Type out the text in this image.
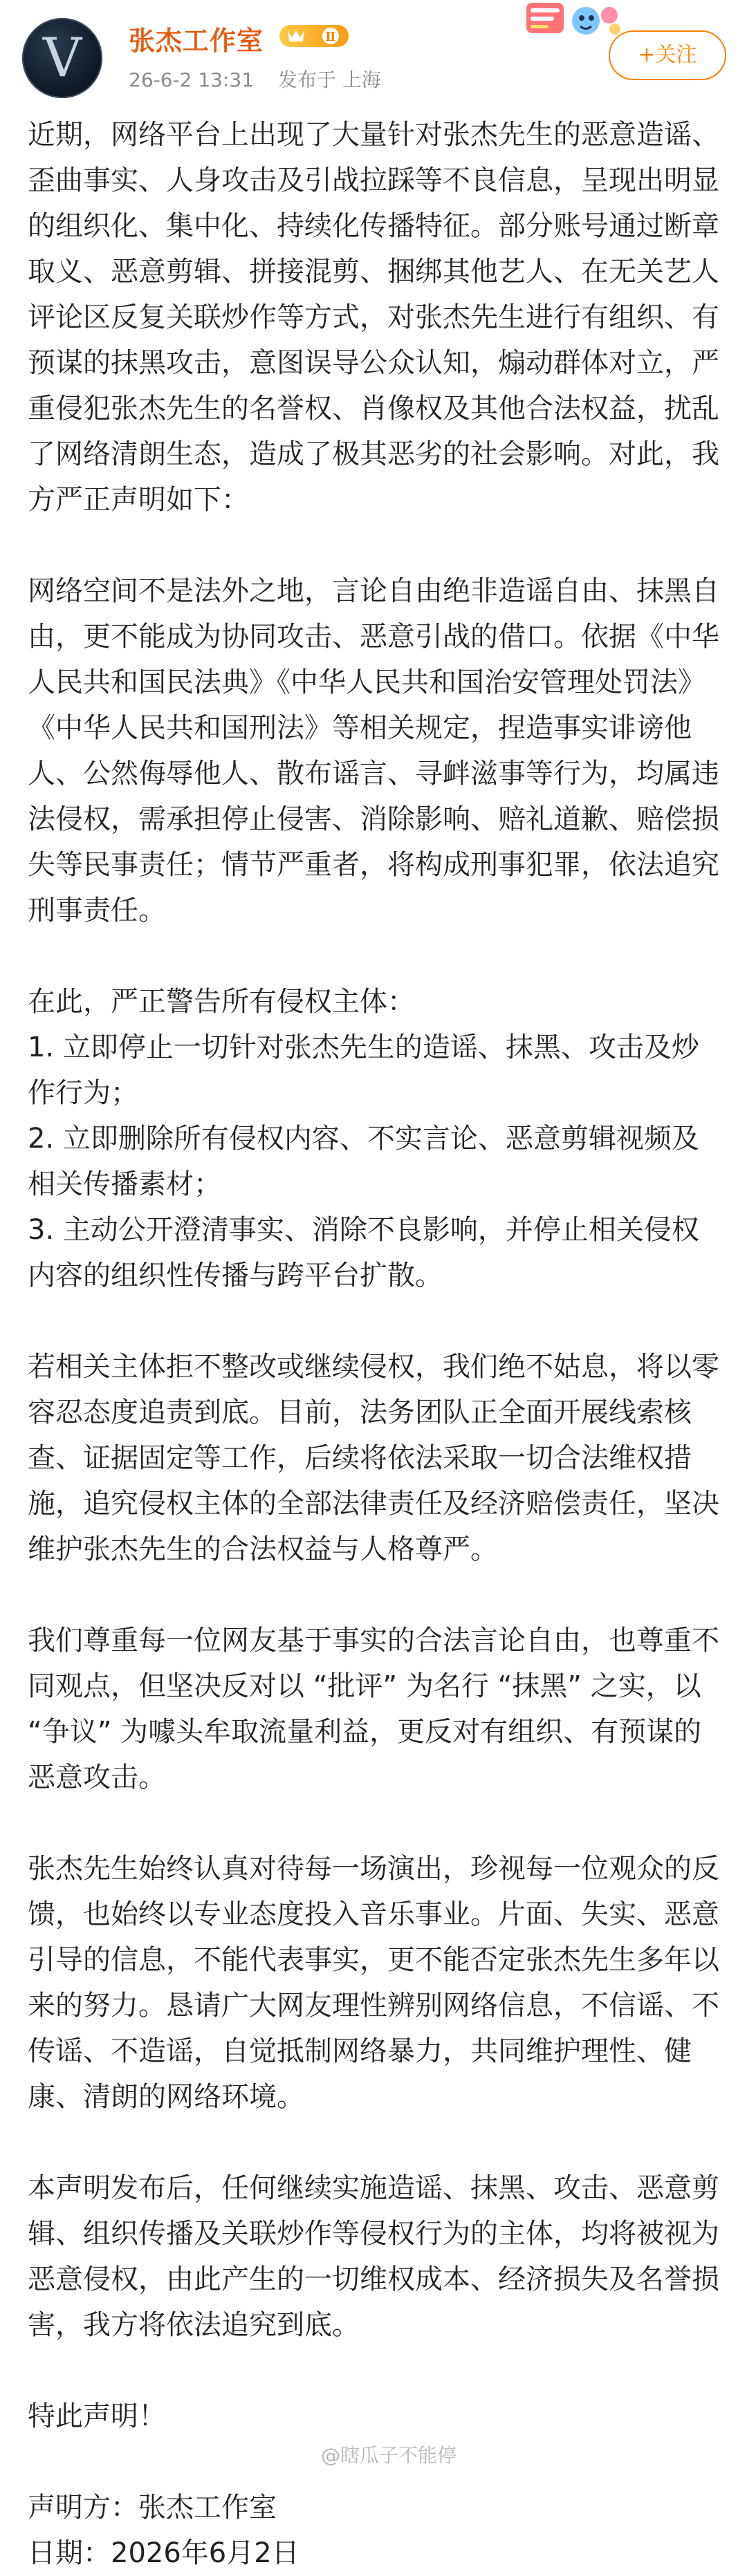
V 张杰工作室	Ⅱ
26-6-2 13:31 发布于 上海
+关注

近期，网络平台上出现了大量针对张杰先生的恶意造谣、歪曲事实、人身攻击及引战拉踩等不良信息，呈现出明显的组织化、集中化、持续化传播特征。部分账号通过断章取义、恶意剪辑、拼接混剪、捆绑其他艺人、在无关艺人评论区反复关联炒作等方式，对张杰先生进行有组织、有预谋的抹黑攻击，意图误导公众认知，煽动群体对立，严重侵犯张杰先生的名誉权、肖像权及其他合法权益，扰乱了网络清朗生态，造成了极其恶劣的社会影响。对此，我方严正声明如下：

网络空间不是法外之地，言论自由绝非造谣自由、抹黑自由，更不能成为协同攻击、恶意引战的借口。依据《中华人民共和国民法典》《中华人民共和国治安管理处罚法》《中华人民共和国刑法》等相关规定，捏造事实诽谤他人、公然侮辱他人、散布谣言、寻衅滋事等行为，均属违法侵权，需承担停止侵害、消除影响、赔礼道歉、赔偿损失等民事责任；情节严重者，将构成刑事犯罪，依法追究刑事责任。

在此，严正警告所有侵权主体：
1. 立即停止一切针对张杰先生的造谣、抹黑、攻击及炒作行为；
2. 立即删除所有侵权内容、不实言论、恶意剪辑视频及相关传播素材；
3. 主动公开澄清事实、消除不良影响，并停止相关侵权内容的组织性传播与跨平台扩散。

若相关主体拒不整改或继续侵权，我们绝不姑息，将以零容忍态度追责到底。目前，法务团队正全面开展线索核查、证据固定等工作，后续将依法采取一切合法维权措施，追究侵权主体的全部法律责任及经济赔偿责任，坚决维护张杰先生的合法权益与人格尊严。

我们尊重每一位网友基于事实的合法言论自由，也尊重不同观点，但坚决反对以 “批评” 为名行 “抹黑” 之实，以 “争议” 为噱头牟取流量利益，更反对有组织、有预谋的恶意攻击。

张杰先生始终认真对待每一场演出，珍视每一位观众的反馈，也始终以专业态度投入音乐事业。片面、失实、恶意引导的信息，不能代表事实，更不能否定张杰先生多年以来的努力。恳请广大网友理性辨别网络信息，不信谣、不传谣、不造谣，自觉抵制网络暴力，共同维护理性、健康、清朗的网络环境。

本声明发布后，任何继续实施造谣、抹黑、攻击、恶意剪辑、组织传播及关联炒作等侵权行为的主体，均将被视为恶意侵权，由此产生的一切维权成本、经济损失及名誉损害，我方将依法追究到底。

特此声明！

声明方：张杰工作室

日期：2026年6月2日

@瞎瓜子不能停
